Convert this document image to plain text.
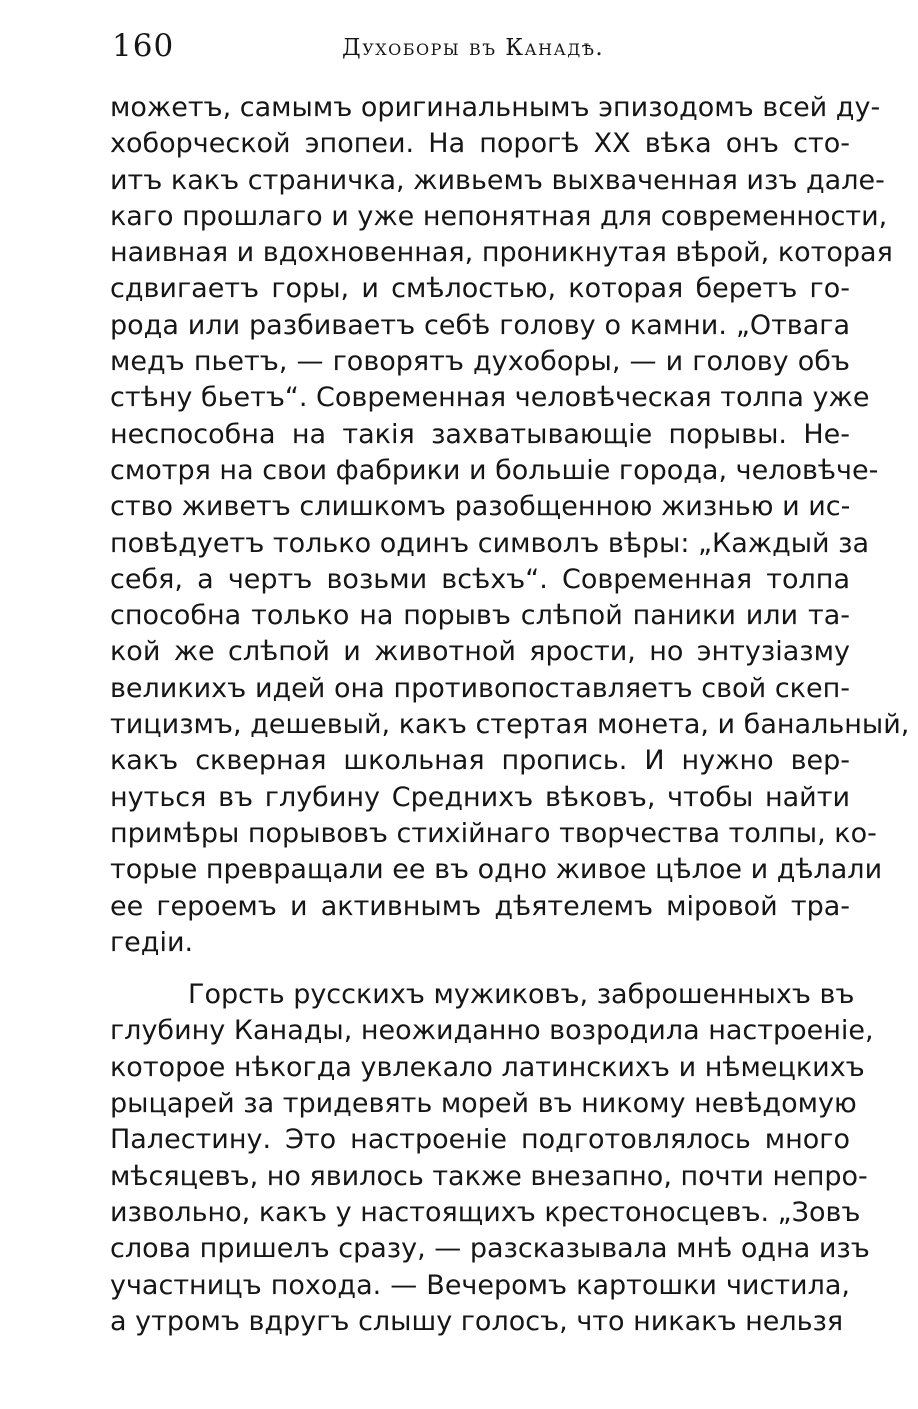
160	Духоборы въ Канадѣ.
можетъ, самымъ оригинальнымъ эпизодомъ всей ду-
хоборческой эпопеи. На порогѣ XX вѣка онъ сто-
итъ какъ страничка, живьемъ выхваченная изъ дале-
каго прошлаго и уже непонятная для современности,
наивная и вдохновенная, проникнутая вѣрой, которая
сдвигаетъ горы, и смѣлостью, которая беретъ го-
рода или разбиваетъ себѣ голову о камни. „Отвага
медъ пьетъ, — говорятъ духоборы, — и голову объ
стѣну бьетъ“. Современная человѣческая толпа уже
неспособна на такія захватывающіе порывы. Не-
смотря на свои фабрики и большіе города, человѣче-
ство живетъ слишкомъ разобщенною жизнью и ис-
повѣдуетъ только одинъ символъ вѣры: „Каждый за
себя, а чертъ возьми всѣхъ“. Современная толпа
способна только на порывъ слѣпой паники или та-
кой же слѣпой и животной ярости, но энтузіазму
великихъ идей она противопоставляетъ свой скеп-
тицизмъ, дешевый, какъ стертая монета, и банальный,
какъ скверная школьная пропись. И нужно вер-
нуться въ глубину Среднихъ вѣковъ, чтобы найти
примѣры порывовъ стихійнаго творчества толпы, ко-
торые превращали ее въ одно живое цѣлое и дѣлали
ее героемъ и активнымъ дѣятелемъ міровой тра-
гедіи.
Горсть русскихъ мужиковъ, заброшенныхъ въ
глубину Канады, неожиданно возродила настроеніе,
которое нѣкогда увлекало латинскихъ и нѣмецкихъ
рыцарей за тридевять морей въ никому невѣдомую
Палестину. Это настроеніе подготовлялось много
мѣсяцевъ, но явилось также внезапно, почти непро-
извольно, какъ у настоящихъ крестоносцевъ. „Зовъ
слова пришелъ сразу, — разсказывала мнѣ одна изъ
участницъ похода. — Вечеромъ картошки чистила,
а утромъ вдругъ слышу голосъ, что никакъ нельзя
